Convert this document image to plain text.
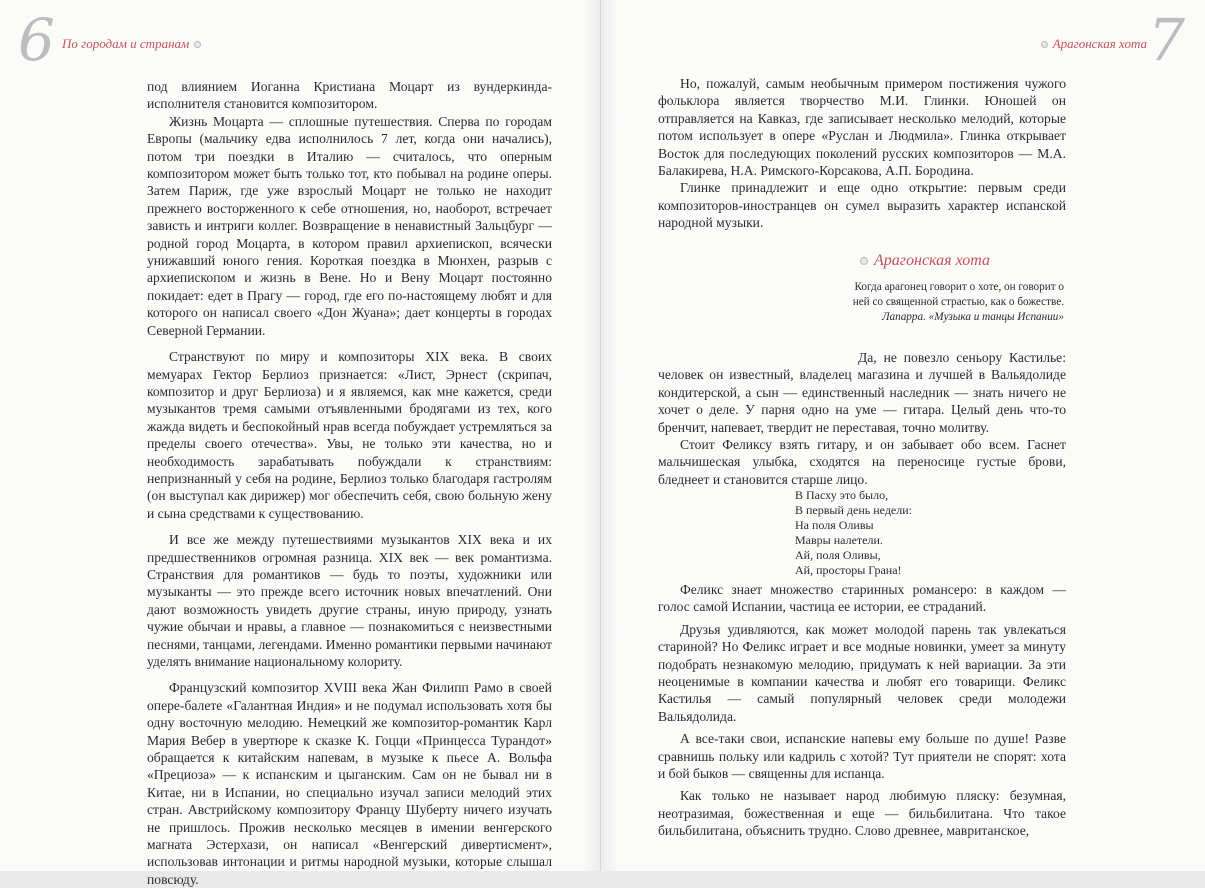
6 По городам и странам

под влиянием Иоганна Кристиана Моцарт из вундеркинда-исполнителя становится композитором.

Жизнь Моцарта — сплошные путешествия. Сперва по городам Европы (мальчику едва исполнилось 7 лет, когда они начались), потом три поездки в Италию — считалось, что оперным композитором может быть только тот, кто побывал на родине оперы. Затем Париж, где уже взрослый Моцарт не только не находит прежнего восторженного к себе отношения, но, наоборот, встречает зависть и интриги коллег. Возвращение в ненавистный Зальцбург — родной город Моцарта, в котором правил архиепископ, всячески унижавший юного гения. Короткая поездка в Мюнхен, разрыв с архиепископом и жизнь в Вене. Но и Вену Моцарт постоянно покидает: едет в Прагу — город, где его по-настоящему любят и для которого он написал своего «Дон Жуана»; дает концерты в городах Северной Германии.

Странствуют по миру и композиторы XIX века. В своих мемуарах Гектор Берлиоз признается: «Лист, Эрнест (скрипач, композитор и друг Берлиоза) и я являемся, как мне кажется, среди музыкантов тремя самыми отъявленными бродягами из тех, кого жажда видеть и беспокойный нрав всегда побуждает устремляться за пределы своего отечества». Увы, не только эти качества, но и необходимость зарабатывать побуждали к странствиям: непризнанный у себя на родине, Берлиоз только благодаря гастролям (он выступал как дирижер) мог обеспечить себя, свою больную жену и сына средствами к существованию.

И все же между путешествиями музыкантов XIX века и их предшественников огромная разница. XIX век — век романтизма. Странствия для романтиков — будь то поэты, художники или музыканты — это прежде всего источник новых впечатлений. Они дают возможность увидеть другие страны, иную природу, узнать чужие обычаи и нравы, а главное — познакомиться с неизвестными песнями, танцами, легендами. Именно романтики первыми начинают уделять внимание национальному колориту.

Французский композитор XVIII века Жан Филипп Рамо в своей опере-балете «Галантная Индия» и не подумал использовать хотя бы одну восточную мелодию. Немецкий же композитор-романтик Карл Мария Вебер в увертюре к сказке К. Гоцци «Принцесса Турандот» обращается к китайским напевам, в музыке к пьесе А. Вольфа «Прециоза» — к испанским и цыганским. Сам он не бывал ни в Китае, ни в Испании, но специально изучал записи мелодий этих стран. Австрийскому композитору Францу Шуберту ничего изучать не пришлось. Прожив несколько месяцев в имении венгерского магната Эстерхази, он написал «Венгерский дивертисмент», использовав интонации и ритмы народной музыки, которые слышал повсюду.

Арагонская хота 7

Но, пожалуй, самым необычным примером постижения чужого фольклора является творчество М.И. Глинки. Юношей он отправляется на Кавказ, где записывает несколько мелодий, которые потом использует в опере «Руслан и Людмила». Глинка открывает Восток для последующих поколений русских композиторов — М.А. Балакирева, Н.А. Римского-Корсакова, А.П. Бородина.

Глинке принадлежит и еще одно открытие: первым среди композиторов-иностранцев он сумел выразить характер испанской народной музыки.

Арагонская хота
Когда арагонец говорит о хоте, он говорит о ней со священной страстью, как о божестве.
Лапарра. «Музыка и танцы Испании»

Да, не повезло сеньору Кастилье: человек он известный, владелец магазина и лучшей в Вальядолиде кондитерской, а сын — единственный наследник — знать ничего не хочет о деле. У парня одно на уме — гитара. Целый день что-то бренчит, напевает, твердит не переставая, точно молитву.

Стоит Феликсу взять гитару, и он забывает обо всем. Гаснет мальчишеская улыбка, сходятся на переносице густые брови, бледнеет и становится старше лицо.

В Пасху это было,
В первый день недели:
На поля Оливы
Мавры налетели.
Ай, поля Оливы,
Ай, просторы Грана!

Феликс знает множество старинных романсеро: в каждом — голос самой Испании, частица ее истории, ее страданий.

Друзья удивляются, как может молодой парень так увлекаться стариной? Но Феликс играет и все модные новинки, умеет за минуту подобрать незнакомую мелодию, придумать к ней вариации. За эти неоценимые в компании качества и любят его товарищи. Феликс Кастилья — самый популярный человек среди молодежи Вальядолида.

А все-таки свои, испанские напевы ему больше по душе! Разве сравнишь польку или кадриль с хотой? Тут приятели не спорят: хота и бой быков — священны для испанца.

Как только не называет народ любимую пляску: безумная, неотразимая, божественная и еще — бильбилитана. Что такое бильбилитана, объяснить трудно. Слово древнее, мавританское,
